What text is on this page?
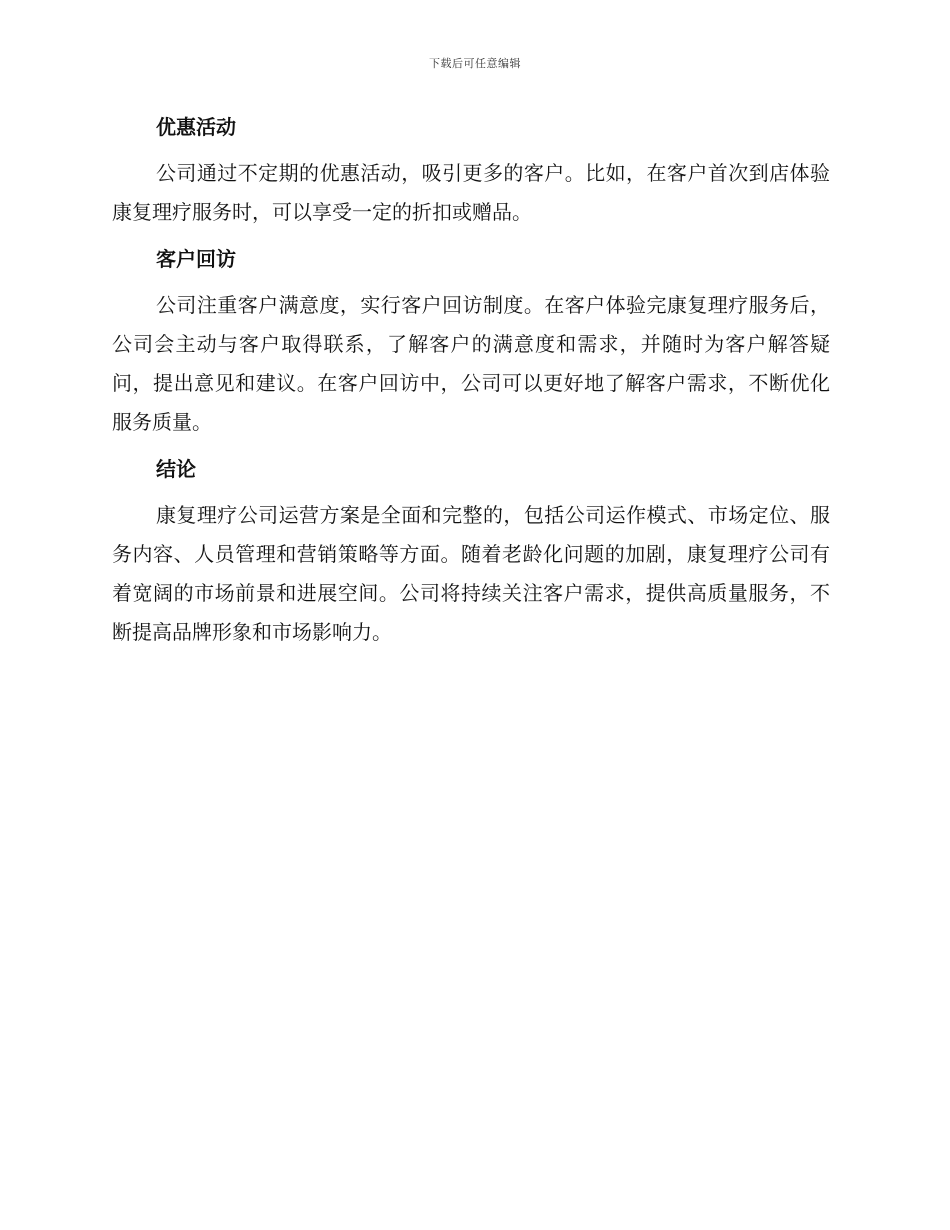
下载后可任意编辑
优惠活动

公司通过不定期的优惠活动，吸引更多的客户。比如，在客户首次到店体验康复理疗服务时，可以享受一定的折扣或赠品。

客户回访

公司注重客户满意度，实行客户回访制度。在客户体验完康复理疗服务后，公司会主动与客户取得联系，了解客户的满意度和需求，并随时为客户解答疑问，提出意见和建议。在客户回访中，公司可以更好地了解客户需求，不断优化服务质量。

结论

康复理疗公司运营方案是全面和完整的，包括公司运作模式、市场定位、服务内容、人员管理和营销策略等方面。随着老龄化问题的加剧，康复理疗公司有着宽阔的市场前景和进展空间。公司将持续关注客户需求，提供高质量服务，不断提高品牌形象和市场影响力。
